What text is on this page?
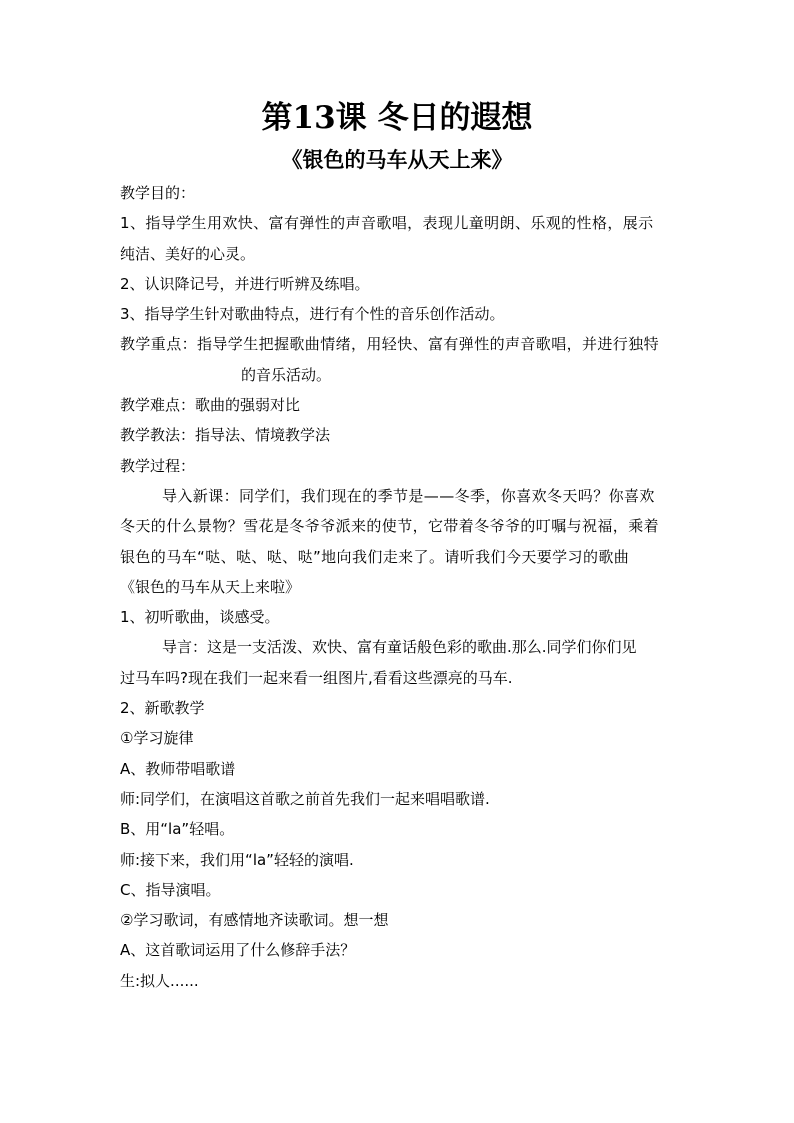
第13课 冬日的遐想
《银色的马车从天上来》
教学目的：
1、指导学生用欢快、富有弹性的声音歌唱，表现儿童明朗、乐观的性格，展示
纯洁、美好的心灵。
2、认识降记号，并进行听辨及练唱。
3、指导学生针对歌曲特点，进行有个性的音乐创作活动。
教学重点：指导学生把握歌曲情绪，用轻快、富有弹性的声音歌唱，并进行独特
的音乐活动。
教学难点：歌曲的强弱对比
教学教法：指导法、情境教学法
教学过程：
导入新课：同学们，我们现在的季节是——冬季，你喜欢冬天吗？你喜欢
冬天的什么景物？雪花是冬爷爷派来的使节，它带着冬爷爷的叮嘱与祝福，乘着
银色的马车“哒、哒、哒、哒”地向我们走来了。请听我们今天要学习的歌曲
《银色的马车从天上来啦》
1、初听歌曲，谈感受。
导言：这是一支活泼、欢快、富有童话般色彩的歌曲.那么.同学们你们见
过马车吗?现在我们一起来看一组图片,看看这些漂亮的马车.
2、新歌教学
①学习旋律
A、教师带唱歌谱
师:同学们，在演唱这首歌之前首先我们一起来唱唱歌谱.
B、用“la”轻唱。
师:接下来，我们用“la”轻轻的演唱.
C、指导演唱。
②学习歌词，有感情地齐读歌词。想一想
A、这首歌词运用了什么修辞手法？
生:拟人......
